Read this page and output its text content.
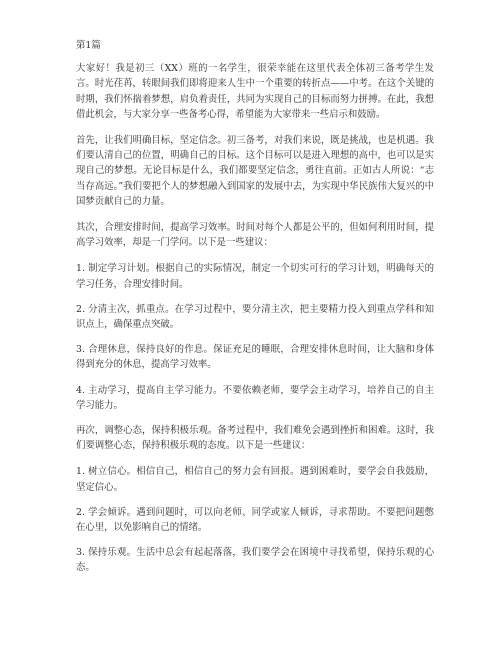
第1篇

大家好！我是初三（XX）班的一名学生，很荣幸能在这里代表全体初三备考学生发言。时光荏苒，转眼间我们即将迎来人生中一个重要的转折点——中考。在这个关键的时期，我们怀揣着梦想，肩负着责任，共同为实现自己的目标而努力拼搏。在此，我想借此机会，与大家分享一些备考心得，希望能为大家带来一些启示和鼓励。

首先，让我们明确目标，坚定信念。初三备考，对我们来说，既是挑战，也是机遇。我们要认清自己的位置，明确自己的目标。这个目标可以是进入理想的高中，也可以是实现自己的梦想。无论目标是什么，我们都要坚定信念，勇往直前。正如古人所说：“志当存高远。”我们要把个人的梦想融入到国家的发展中去，为实现中华民族伟大复兴的中国梦贡献自己的力量。

其次，合理安排时间，提高学习效率。时间对每个人都是公平的，但如何利用时间，提高学习效率，却是一门学问。以下是一些建议：

1. 制定学习计划。根据自己的实际情况，制定一个切实可行的学习计划，明确每天的学习任务，合理安排时间。

2. 分清主次，抓重点。在学习过程中，要分清主次，把主要精力投入到重点学科和知识点上，确保重点突破。

3. 合理休息，保持良好的作息。保证充足的睡眠，合理安排休息时间，让大脑和身体得到充分的休息，提高学习效率。

4. 主动学习，提高自主学习能力。不要依赖老师，要学会主动学习，培养自己的自主学习能力。

再次，调整心态，保持积极乐观。备考过程中，我们难免会遇到挫折和困难。这时，我们要调整心态，保持积极乐观的态度。以下是一些建议：

1. 树立信心。相信自己，相信自己的努力会有回报。遇到困难时，要学会自我鼓励，坚定信心。

2. 学会倾诉。遇到问题时，可以向老师、同学或家人倾诉，寻求帮助。不要把问题憋在心里，以免影响自己的情绪。

3. 保持乐观。生活中总会有起起落落，我们要学会在困境中寻找希望，保持乐观的心态。
